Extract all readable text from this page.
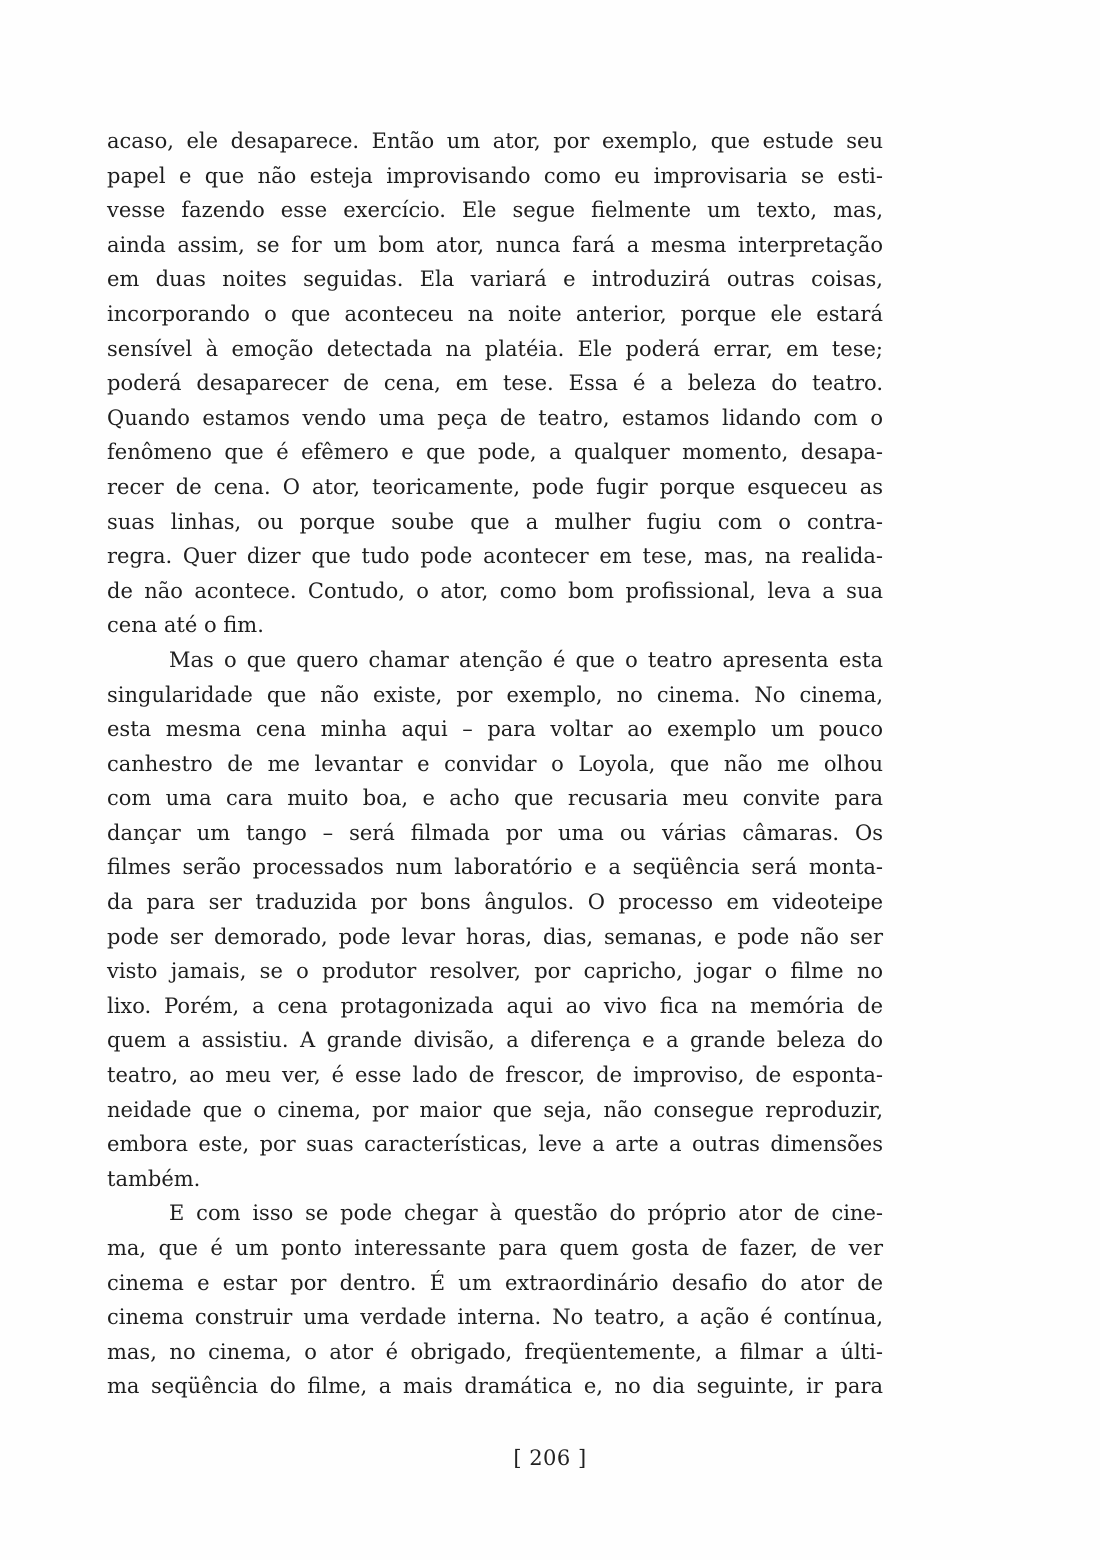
acaso, ele desaparece. Então um ator, por exemplo, que estude seu
papel e que não esteja improvisando como eu improvisaria se esti-
vesse fazendo esse exercício. Ele segue fielmente um texto, mas,
ainda assim, se for um bom ator, nunca fará a mesma interpretação
em duas noites seguidas. Ela variará e introduzirá outras coisas,
incorporando o que aconteceu na noite anterior, porque ele estará
sensível à emoção detectada na platéia. Ele poderá errar, em tese;
poderá desaparecer de cena, em tese. Essa é a beleza do teatro.
Quando estamos vendo uma peça de teatro, estamos lidando com o
fenômeno que é efêmero e que pode, a qualquer momento, desapa-
recer de cena. O ator, teoricamente, pode fugir porque esqueceu as
suas linhas, ou porque soube que a mulher fugiu com o contra-
regra. Quer dizer que tudo pode acontecer em tese, mas, na realida-
de não acontece. Contudo, o ator, como bom profissional, leva a sua
cena até o fim.
Mas o que quero chamar atenção é que o teatro apresenta esta
singularidade que não existe, por exemplo, no cinema. No cinema,
esta mesma cena minha aqui – para voltar ao exemplo um pouco
canhestro de me levantar e convidar o Loyola, que não me olhou
com uma cara muito boa, e acho que recusaria meu convite para
dançar um tango – será filmada por uma ou várias câmaras. Os
filmes serão processados num laboratório e a seqüência será monta-
da para ser traduzida por bons ângulos. O processo em videoteipe
pode ser demorado, pode levar horas, dias, semanas, e pode não ser
visto jamais, se o produtor resolver, por capricho, jogar o filme no
lixo. Porém, a cena protagonizada aqui ao vivo fica na memória de
quem a assistiu. A grande divisão, a diferença e a grande beleza do
teatro, ao meu ver, é esse lado de frescor, de improviso, de esponta-
neidade que o cinema, por maior que seja, não consegue reproduzir,
embora este, por suas características, leve a arte a outras dimensões
também.
E com isso se pode chegar à questão do próprio ator de cine-
ma, que é um ponto interessante para quem gosta de fazer, de ver
cinema e estar por dentro. É um extraordinário desafio do ator de
cinema construir uma verdade interna. No teatro, a ação é contínua,
mas, no cinema, o ator é obrigado, freqüentemente, a filmar a últi-
ma seqüência do filme, a mais dramática e, no dia seguinte, ir para
[ 206 ]
